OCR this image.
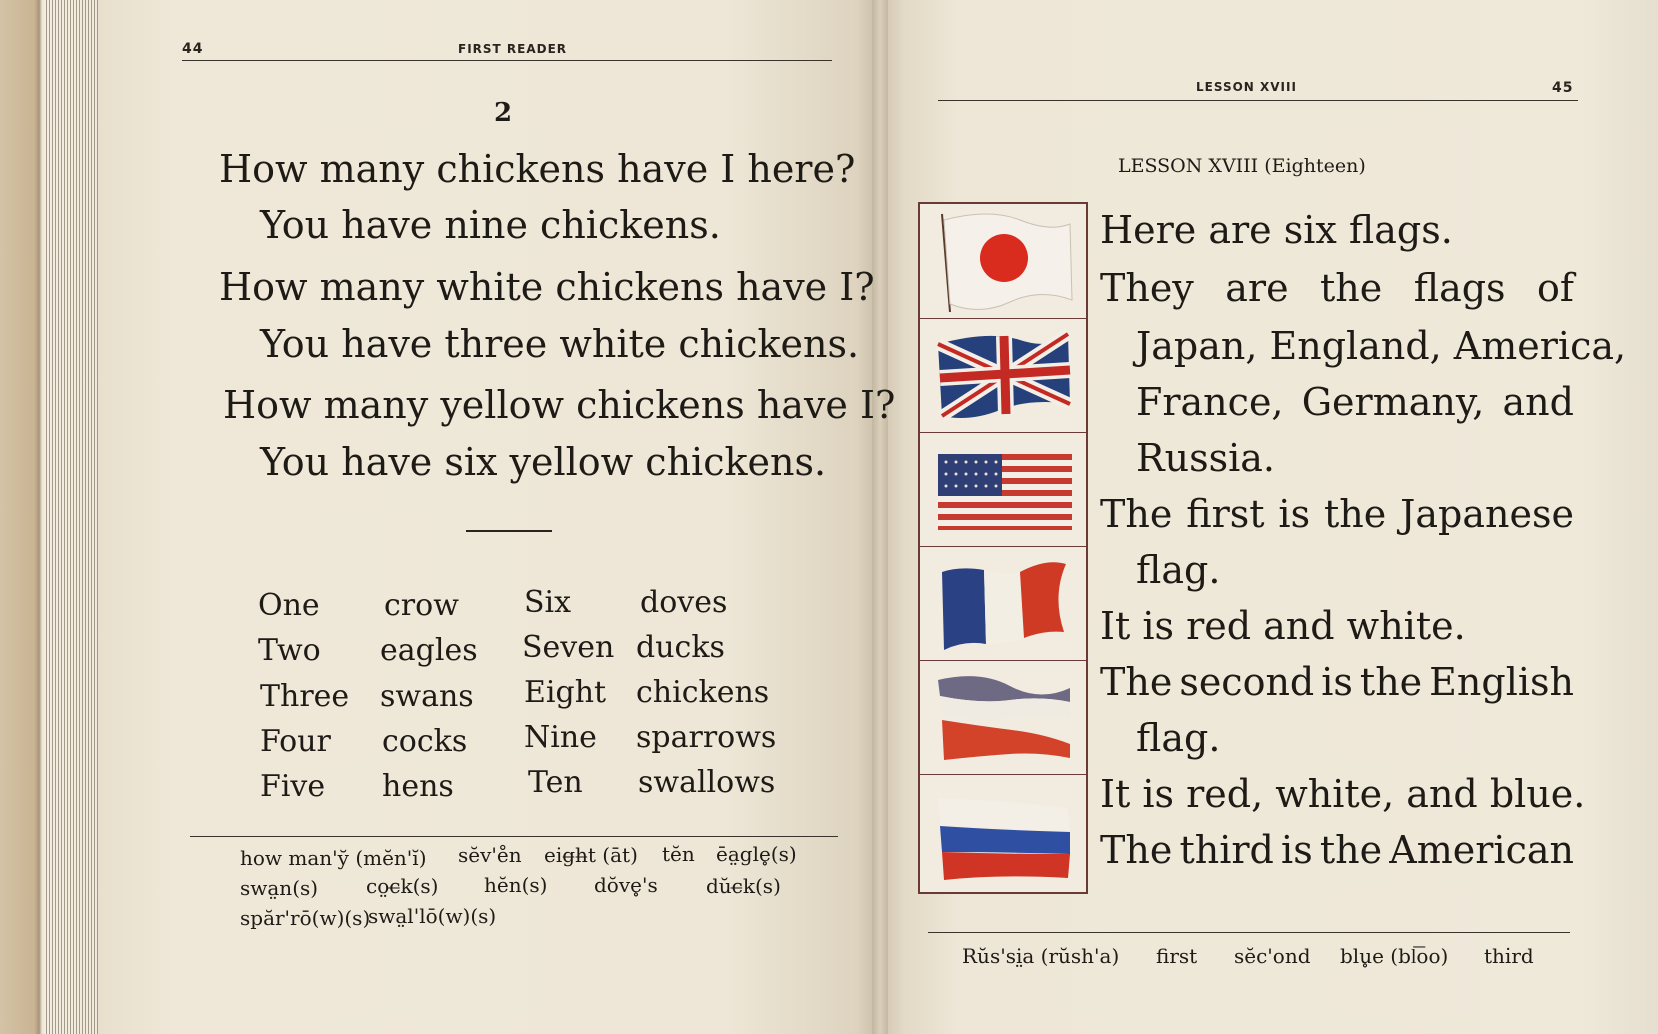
44	FIRST READER
2
How many chickens have I here?
You have nine chickens.
How many white chickens have I?
You have three white chickens.
How many yellow chickens have I?
You have six yellow chickens.
One crow Six doves
Two eagles Seven ducks
Three swans Eight chickens
Four cocks Nine sparrows
Five hens Ten swallows
how man'y̆ (mĕn'ĭ) sĕv'e̊n eig̶h̶t (āt) tĕn ēa̤gle̥(s)
swa̤n(s) co̤c̶k(s) hĕn(s) dŏve̥'s dŭc̶k(s)
spăr'rō(w)(s)
swa̤l'lō(w)(s)
LESSON XVIII	45
LESSON XVIII (Eighteen)
Here are six flags.
They are the flags of
Japan, England, America,
France, Germany, and
Russia.
The first is the Japanese
flag.
It is red and white.
The second is the English
flag.
It is red, white, and blue.
The third is the American
Rŭs'si̤a (rŭsh'a) first sĕc'ond blu̥e (bl͞oo) thi̇rd
